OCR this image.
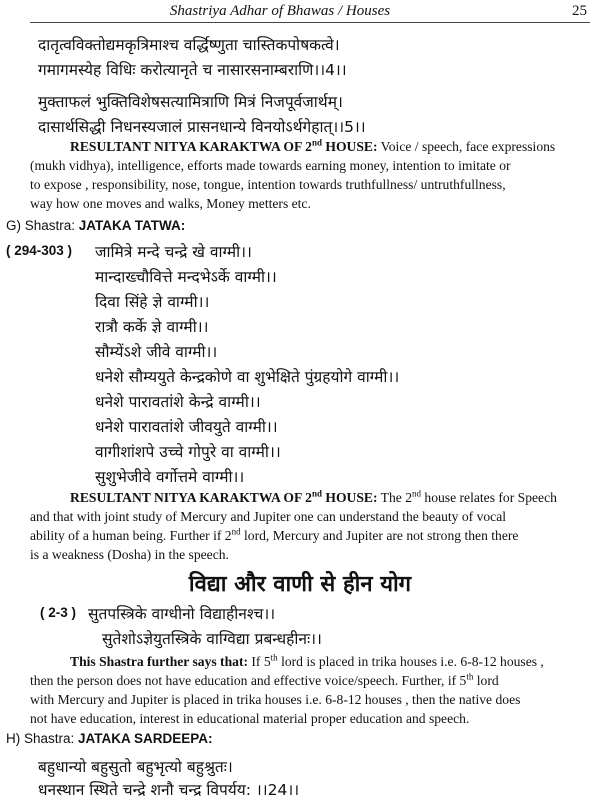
Shastriya Adhar of Bhawas / Houses	25
दातृत्वविक्तोद्यमकृत्रिमाश्च वर्द्धिष्णुता चास्तिकपोषकत्वे।
गमागमस्येह विधिः करोत्यानृते च नासारसनाम्बराणि।।4।।
मुक्ताफलं भुक्तिविशेषसत्यामित्राणि मित्रं निजपूर्वजार्थम्।
दासार्थसिद्धी निधनस्यजालं प्रासनधान्ये विनयोऽर्थगेहात्।।5।।
RESULTANT NITYA KARAKTWA OF 2nd HOUSE: Voice / speech, face expressions
(mukh vidhya), intelligence, efforts made towards earning money, intention to imitate or
to expose , responsibility, nose, tongue, intention towards truthfullness/ untruthfullness,
way how one moves and walks, Money metters etc.
G) Shastra: JATAKA TATWA:
( 294-303 ) जामित्रे मन्दे चन्द्रे खे वाग्मी।।
मान्दाख्चौवित्ते मन्दभेऽर्के वाग्मी।।
दिवा सिंहे ज्ञे वाग्मी।।
रात्रौ कर्के ज्ञे वाग्मी।।
सौम्येंऽशे जीवे वाग्मी।।
धनेशे सौम्ययुते केन्द्रकोणे वा शुभेक्षिते पुंग्रहयोगे वाग्मी।।
धनेशे पारावतांशे केन्द्रे वाग्मी।।
धनेशे पारावतांशे जीवयुते वाग्मी।।
वागीशांशपे उच्चे गोपुरे वा वाग्मी।।
सुशुभेजीवे वर्गोत्तमे वाग्मी।।
RESULTANT NITYA KARAKTWA OF 2nd HOUSE: The 2nd house relates for Speech
and that with joint study of Mercury and Jupiter one can understand the beauty of vocal
ability of a human being. Further if 2nd lord, Mercury and Jupiter are not strong then there
is a weakness (Dosha) in the speech.
विद्या और वाणी से हीन योग
( 2-3 ) सुतपस्त्रिके वाग्धीनो विद्याहीनश्च।।
सुतेशोऽज्ञेयुतस्त्रिके वाग्विद्या प्रबन्धहीनः।।
This Shastra further says that: If 5th lord is placed in trika houses i.e. 6-8-12 houses ,
then the person does not have education and effective voice/speech. Further, if 5th lord
with Mercury and Jupiter is placed in trika houses i.e. 6-8-12 houses , then the native does
not have education, interest in educational material proper education and speech.
H) Shastra: JATAKA SARDEEPA:
बहुधान्यो बहुसुतो बहुभृत्यो बहुश्रुतः।
धनस्थान स्थिते चन्द्रे शनौ चन्द्र विपर्यय: ।।24।।
